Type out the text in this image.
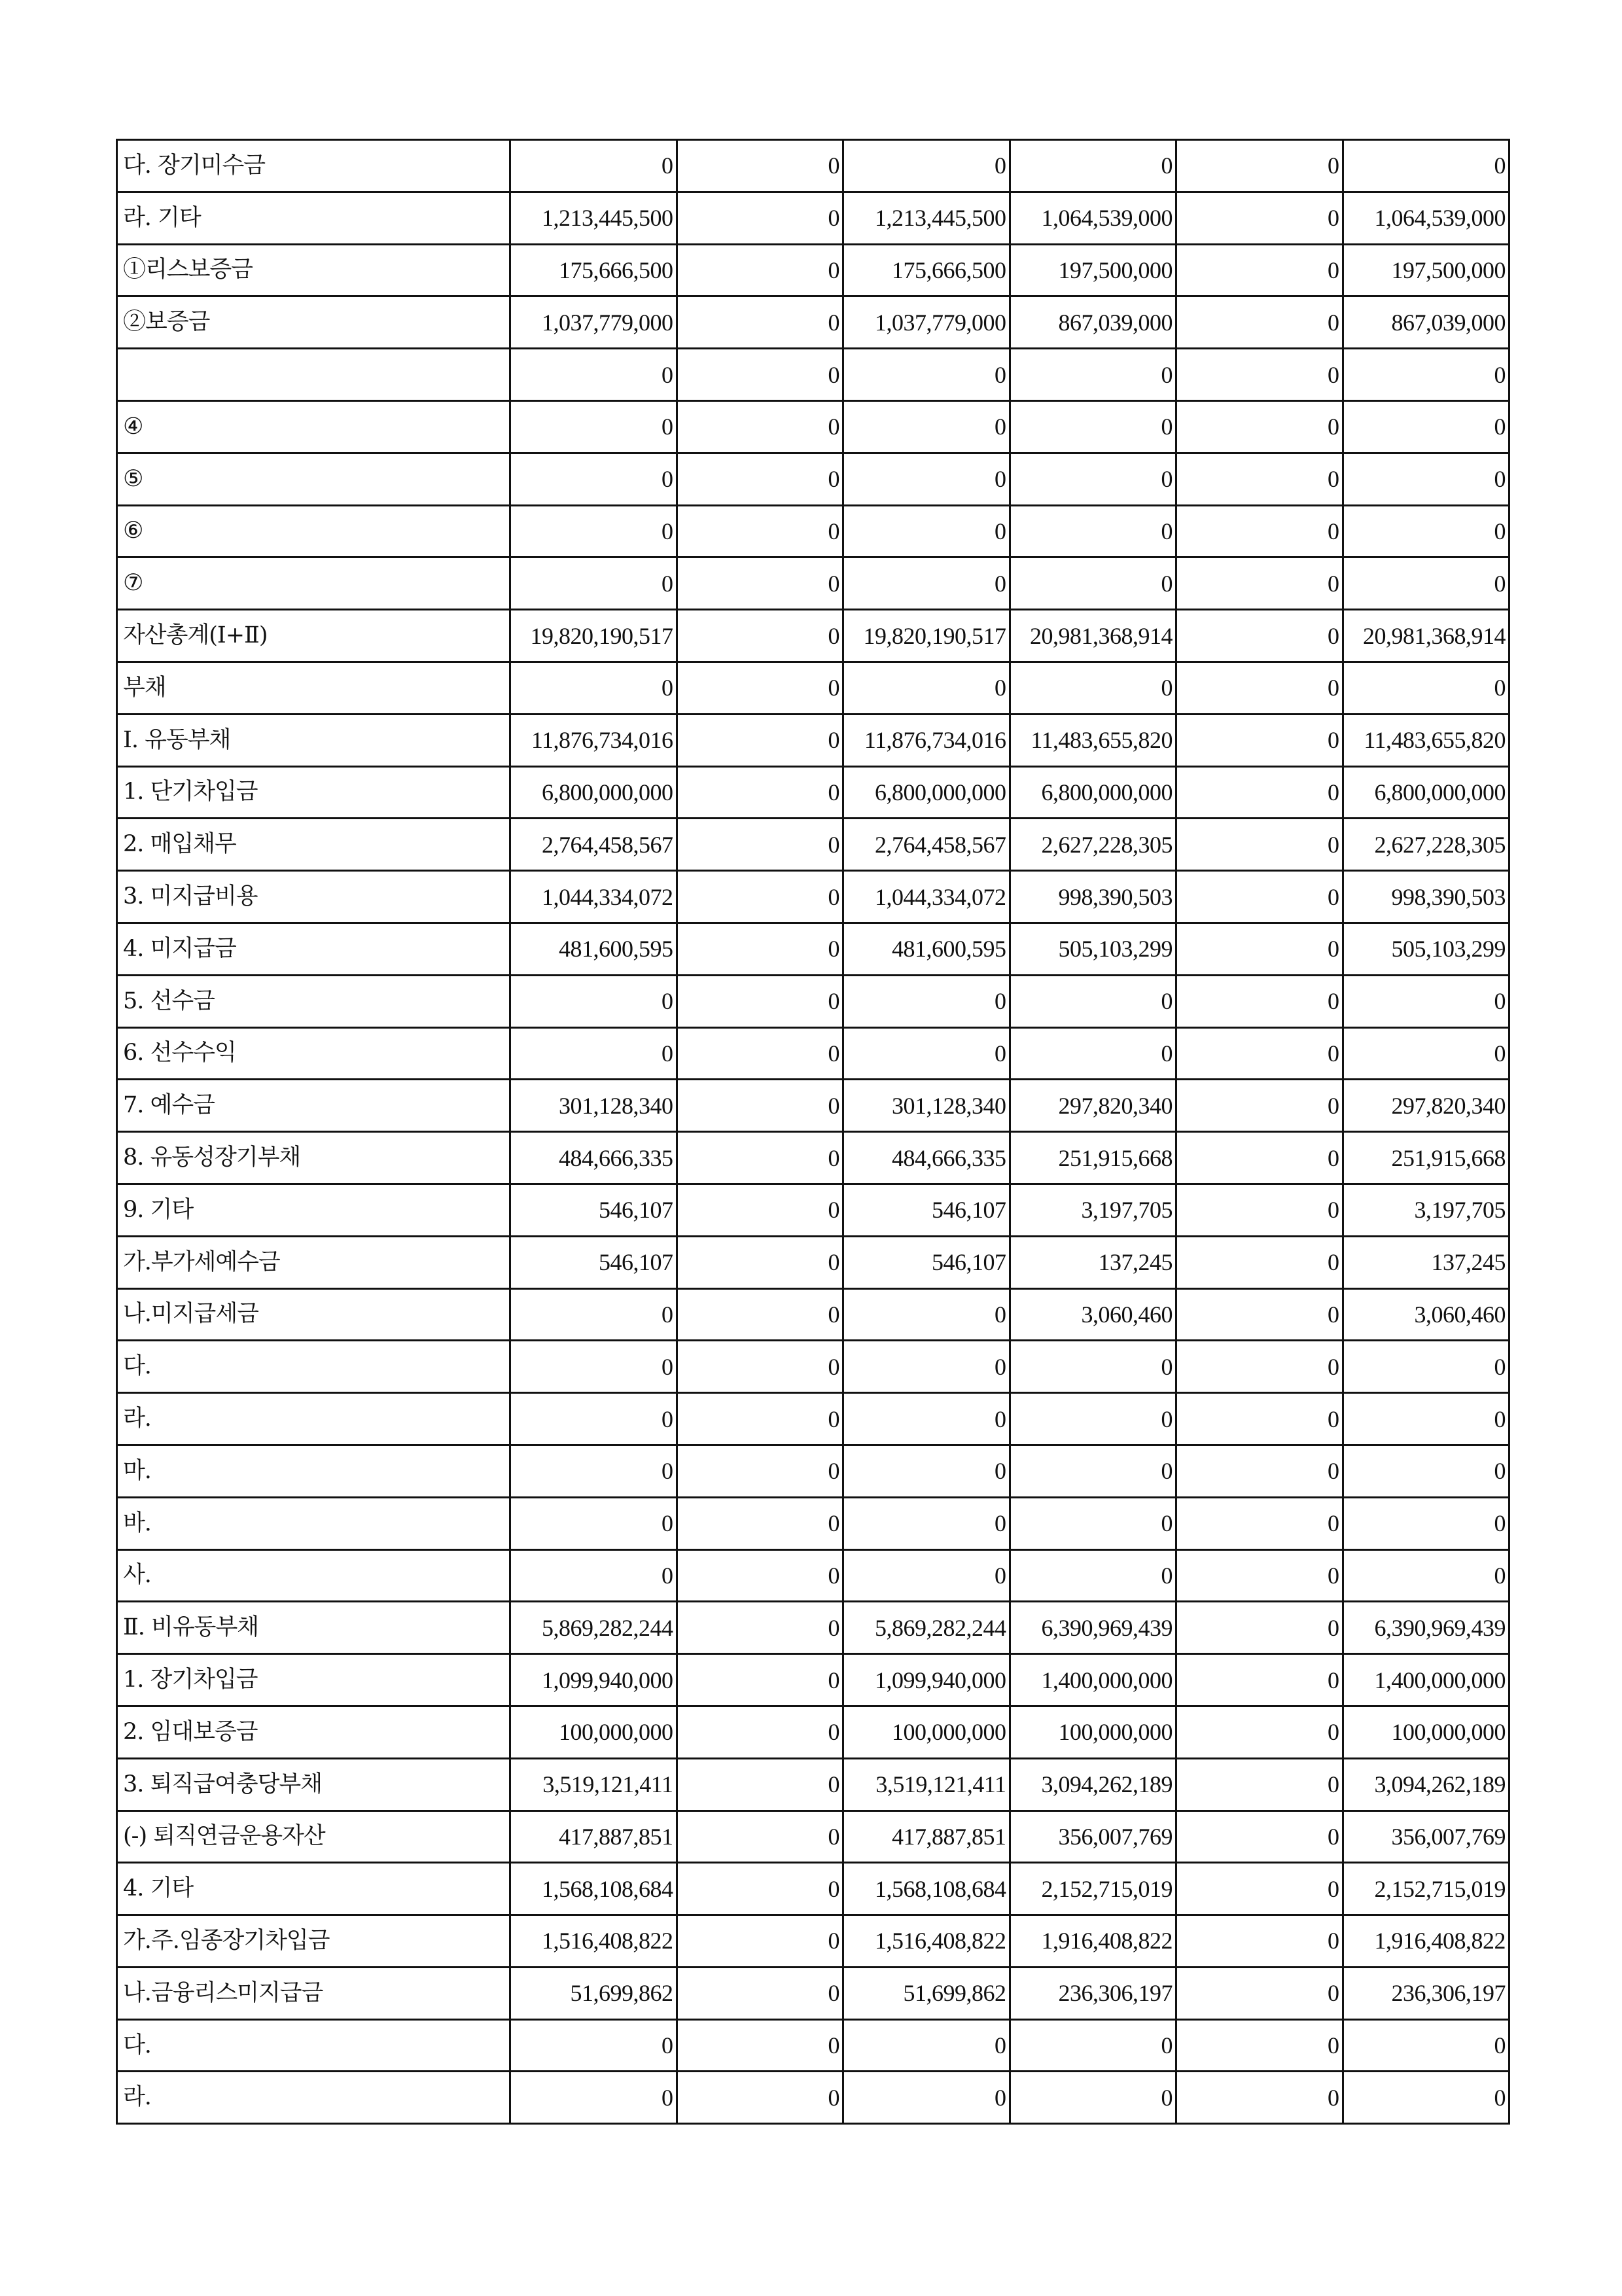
다. 장기미수금	0	0	0	0	0	0
라. 기타	1,213,445,500	0	1,213,445,500	1,064,539,000	0	1,064,539,000
①리스보증금	175,666,500	0	175,666,500	197,500,000	0	197,500,000
②보증금	1,037,779,000	0	1,037,779,000	867,039,000	0	867,039,000
	0	0	0	0	0	0
④	0	0	0	0	0	0
⑤	0	0	0	0	0	0
⑥	0	0	0	0	0	0
⑦	0	0	0	0	0	0
자산총계(Ⅰ+Ⅱ)	19,820,190,517	0	19,820,190,517	20,981,368,914	0	20,981,368,914
부채	0	0	0	0	0	0
Ⅰ. 유동부채	11,876,734,016	0	11,876,734,016	11,483,655,820	0	11,483,655,820
1. 단기차입금	6,800,000,000	0	6,800,000,000	6,800,000,000	0	6,800,000,000
2. 매입채무	2,764,458,567	0	2,764,458,567	2,627,228,305	0	2,627,228,305
3. 미지급비용	1,044,334,072	0	1,044,334,072	998,390,503	0	998,390,503
4. 미지급금	481,600,595	0	481,600,595	505,103,299	0	505,103,299
5. 선수금	0	0	0	0	0	0
6. 선수수익	0	0	0	0	0	0
7. 예수금	301,128,340	0	301,128,340	297,820,340	0	297,820,340
8. 유동성장기부채	484,666,335	0	484,666,335	251,915,668	0	251,915,668
9. 기타	546,107	0	546,107	3,197,705	0	3,197,705
가.부가세예수금	546,107	0	546,107	137,245	0	137,245
나.미지급세금	0	0	0	3,060,460	0	3,060,460
다.	0	0	0	0	0	0
라.	0	0	0	0	0	0
마.	0	0	0	0	0	0
바.	0	0	0	0	0	0
사.	0	0	0	0	0	0
Ⅱ. 비유동부채	5,869,282,244	0	5,869,282,244	6,390,969,439	0	6,390,969,439
1. 장기차입금	1,099,940,000	0	1,099,940,000	1,400,000,000	0	1,400,000,000
2. 임대보증금	100,000,000	0	100,000,000	100,000,000	0	100,000,000
3. 퇴직급여충당부채	3,519,121,411	0	3,519,121,411	3,094,262,189	0	3,094,262,189
(-) 퇴직연금운용자산	417,887,851	0	417,887,851	356,007,769	0	356,007,769
4. 기타	1,568,108,684	0	1,568,108,684	2,152,715,019	0	2,152,715,019
가.주.임종장기차입금	1,516,408,822	0	1,516,408,822	1,916,408,822	0	1,916,408,822
나.금융리스미지급금	51,699,862	0	51,699,862	236,306,197	0	236,306,197
다.	0	0	0	0	0	0
라.	0	0	0	0	0	0
